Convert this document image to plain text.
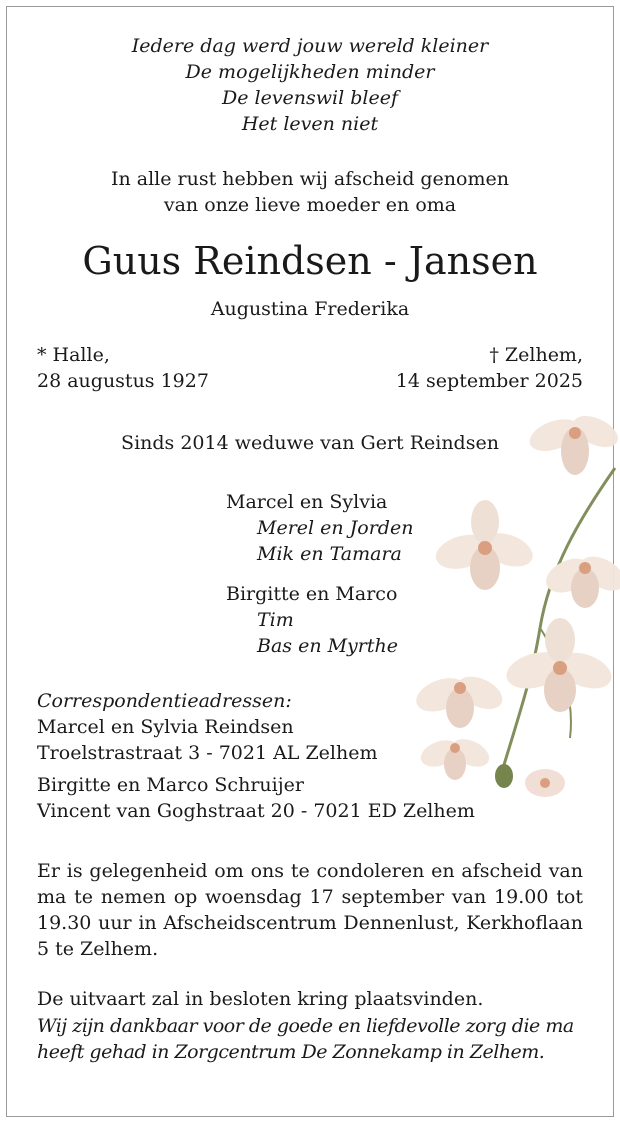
Iedere dag werd jouw wereld kleiner
De mogelijkheden minder
De levenswil bleef
Het leven niet
In alle rust hebben wij afscheid genomen
van onze lieve moeder en oma
Guus Reindsen - Jansen
Augustina Frederika
* Halle,
28 augustus 1927
† Zelhem,
14 september 2025
Sinds 2014 weduwe van Gert Reindsen
Marcel en Sylvia
Merel en Jorden
Mik en Tamara
Birgitte en Marco
Tim
Bas en Myrthe
Correspondentieadressen:
Marcel en Sylvia Reindsen
Troelstrastraat 3 - 7021 AL Zelhem
Birgitte en Marco Schruijer
Vincent van Goghstraat 20 - 7021 ED Zelhem
Er is gelegenheid om ons te condoleren en afscheid van ma te nemen op woensdag 17 september van 19.00 tot 19.30 uur in Afscheidscentrum Dennenlust, Kerkhoflaan 5 te Zelhem.
De uitvaart zal in besloten kring plaatsvinden.
Wij zijn dankbaar voor de goede en liefdevolle zorg die ma
heeft gehad in Zorgcentrum De Zonnekamp in Zelhem.
